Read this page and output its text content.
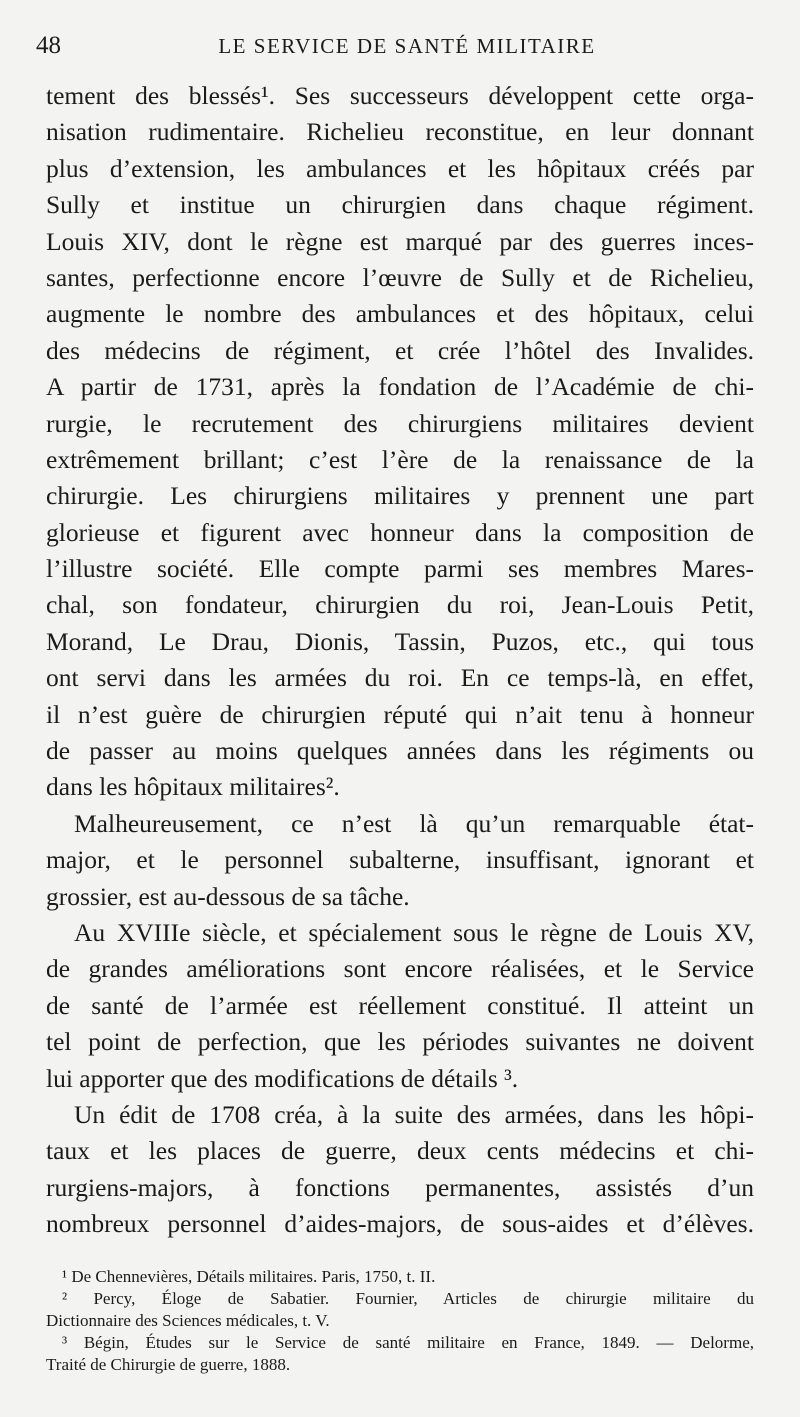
48	LE SERVICE DE SANTÉ MILITAIRE
tement des blessés¹. Ses successeurs développent cette orga-
nisation rudimentaire. Richelieu reconstitue, en leur donnant
plus d’extension, les ambulances et les hôpitaux créés par
Sully et institue un chirurgien dans chaque régiment.
Louis XIV, dont le règne est marqué par des guerres inces-
santes, perfectionne encore l’œuvre de Sully et de Richelieu,
augmente le nombre des ambulances et des hôpitaux, celui
des médecins de régiment, et crée l’hôtel des Invalides.
A partir de 1731, après la fondation de l’Académie de chi-
rurgie, le recrutement des chirurgiens militaires devient
extrêmement brillant; c’est l’ère de la renaissance de la
chirurgie. Les chirurgiens militaires y prennent une part
glorieuse et figurent avec honneur dans la composition de
l’illustre société. Elle compte parmi ses membres Mares-
chal, son fondateur, chirurgien du roi, Jean-Louis Petit,
Morand, Le Drau, Dionis, Tassin, Puzos, etc., qui tous
ont servi dans les armées du roi. En ce temps-là, en effet,
il n’est guère de chirurgien réputé qui n’ait tenu à honneur
de passer au moins quelques années dans les régiments ou
dans les hôpitaux militaires².
Malheureusement, ce n’est là qu’un remarquable état-
major, et le personnel subalterne, insuffisant, ignorant et
grossier, est au-dessous de sa tâche.
Au XVIIIe siècle, et spécialement sous le règne de Louis XV,
de grandes améliorations sont encore réalisées, et le Service
de santé de l’armée est réellement constitué. Il atteint un
tel point de perfection, que les périodes suivantes ne doivent
lui apporter que des modifications de détails ³.
Un édit de 1708 créa, à la suite des armées, dans les hôpi-
taux et les places de guerre, deux cents médecins et chi-
rurgiens-majors, à fonctions permanentes, assistés d’un
nombreux personnel d’aides-majors, de sous-aides et d’élèves.
¹ De Chennevières, Détails militaires. Paris, 1750, t. II.
² Percy, Éloge de Sabatier. Fournier, Articles de chirurgie militaire du
Dictionnaire des Sciences médicales, t. V.
³ Bégin, Études sur le Service de santé militaire en France, 1849. — Delorme,
Traité de Chirurgie de guerre, 1888.
